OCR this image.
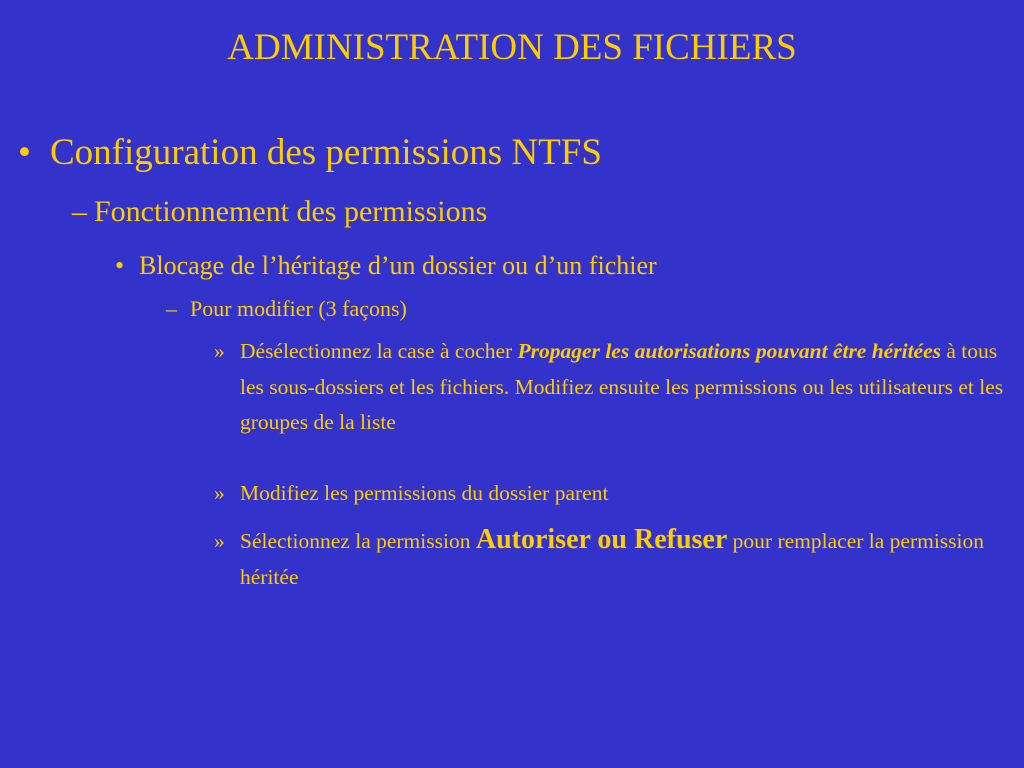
ADMINISTRATION DES FICHIERS
• Configuration des permissions NTFS
– Fonctionnement des permissions
• Blocage de l’héritage d’un dossier ou d’un fichier
– Pour modifier (3 façons)
» Désélectionnez la case à cocher Propager les autorisations pouvant être héritées à tous les sous-dossiers et les fichiers. Modifiez ensuite les permissions ou les utilisateurs et les groupes de la liste
» Modifiez les permissions du dossier parent
» Sélectionnez la permission Autoriser ou Refuser pour remplacer la permission héritée
